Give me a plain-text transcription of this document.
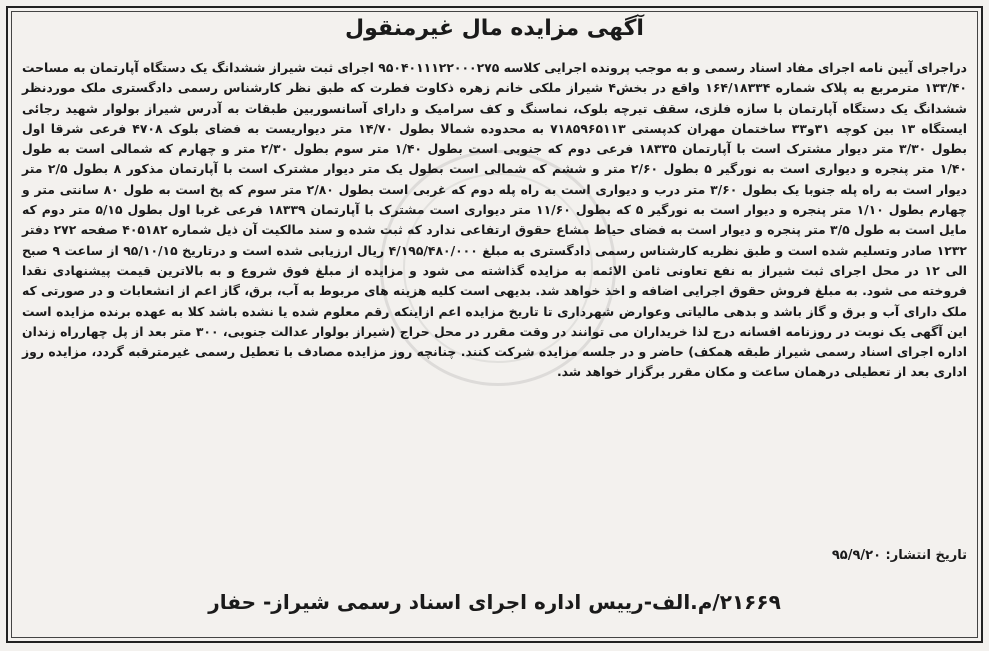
آگهی مزایده مال غیرمنقول

دراجرای آیین نامه اجرای مفاد اسناد رسمی و به موجب پرونده اجرایی کلاسه ۹۵۰۴۰۱۱۱۲۲۰۰۰۲۷۵ اجرای ثبت شیراز ششدانگ یک دستگاه آپارتمان به مساحت ۱۳۳/۴۰ مترمربع به پلاک شماره ۱۶۴/۱۸۳۳۴ واقع در بخش۴ شیراز ملکی خانم زهره ذکاوت فطرت که طبق نظر کارشناس رسمی دادگستری ملک موردنظر ششدانگ یک دستگاه آپارتمان با سازه فلزی، سقف تیرچه بلوک، نماسنگ و کف سرامیک و دارای آسانسوربین طبقات به آدرس شیراز بولوار شهید رجائی ایستگاه ۱۳ بین کوچه ۳۱و۳۳ ساختمان مهران کدپستی ۷۱۸۵۹۶۵۱۱۳ به محدوده شمالا بطول ۱۴/۷۰ متر دیواریست به فضای بلوک ۴۷۰۸ فرعی شرقا اول بطول ۳/۳۰ متر دیوار مشترک است با آپارتمان ۱۸۳۳۵ فرعی دوم که جنوبی است بطول ۱/۴۰ متر سوم بطول ۲/۳۰ متر و چهارم که شمالی است به طول ۱/۴۰ متر پنجره و دیواری است به نورگیر ۵ بطول ۲/۶۰ متر و ششم که شمالی است بطول یک متر دیوار مشترک است با آپارتمان مذکور ۸ بطول ۲/۵ متر دیوار است به راه پله جنوبا یک بطول ۳/۶۰ متر درب و دیواری است به راه پله دوم که غربی است بطول ۲/۸۰ متر سوم که پخ است به طول ۸۰ سانتی متر و چهارم بطول ۱/۱۰ متر پنجره و دیوار است به نورگیر ۵ که بطول ۱۱/۶۰ متر دیواری است مشترک با آپارتمان ۱۸۳۳۹ فرعی غربا اول بطول ۵/۱۵ متر دوم که مایل است به طول ۳/۵ متر پنجره و دیوار است به فضای حیاط مشاع حقوق ارتفاعی ندارد که ثبت شده و سند مالکیت آن ذیل شماره ۴۰۵۱۸۲ صفحه ۲۷۲ دفتر ۱۲۳۲ صادر وتسلیم شده است و طبق نظریه کارشناس رسمی دادگستری به مبلغ ۴/۱۹۵/۴۸۰/۰۰۰ ریال ارزیابی شده است و درتاریخ ۹۵/۱۰/۱۵ از ساعت ۹ صبح الی ۱۲ در محل اجرای ثبت شیراز به نفع تعاونی ثامن الائمه به مزایده گذاشته می شود و مزایده از مبلغ فوق شروع و به بالاترین قیمت پیشنهادی نقدا فروخته می شود. به مبلغ فروش حقوق اجرایی اضافه و اخذ خواهد شد. بدیهی است کلیه هزینه های مربوط به آب، برق، گاز اعم از انشعابات و در صورتی که ملک دارای آب و برق و گاز باشد و بدهی مالیاتی وعوارض شهرداری تا تاریخ مزایده اعم ازاینکه رقم معلوم شده یا نشده باشد کلا به عهده برنده مزایده است این آگهی یک نوبت در روزنامه افسانه درج لذا خریداران می توانند در وقت مقرر در محل حراج (شیراز بولوار عدالت جنوبی، ۳۰۰ متر بعد از پل چهارراه زندان اداره اجرای اسناد رسمی شیراز طبقه همکف) حاضر و در جلسه مزایده شرکت کنند. چنانچه روز مزایده مصادف با تعطیل رسمی غیرمترقبه گردد، مزایده روز اداری بعد از تعطیلی درهمان ساعت و مکان مقرر برگزار خواهد شد.

تاریخ انتشار: ۹۵/۹/۲۰
۲۱۶۶۹/م.الف-رییس اداره اجرای اسناد رسمی شیراز- حفار
